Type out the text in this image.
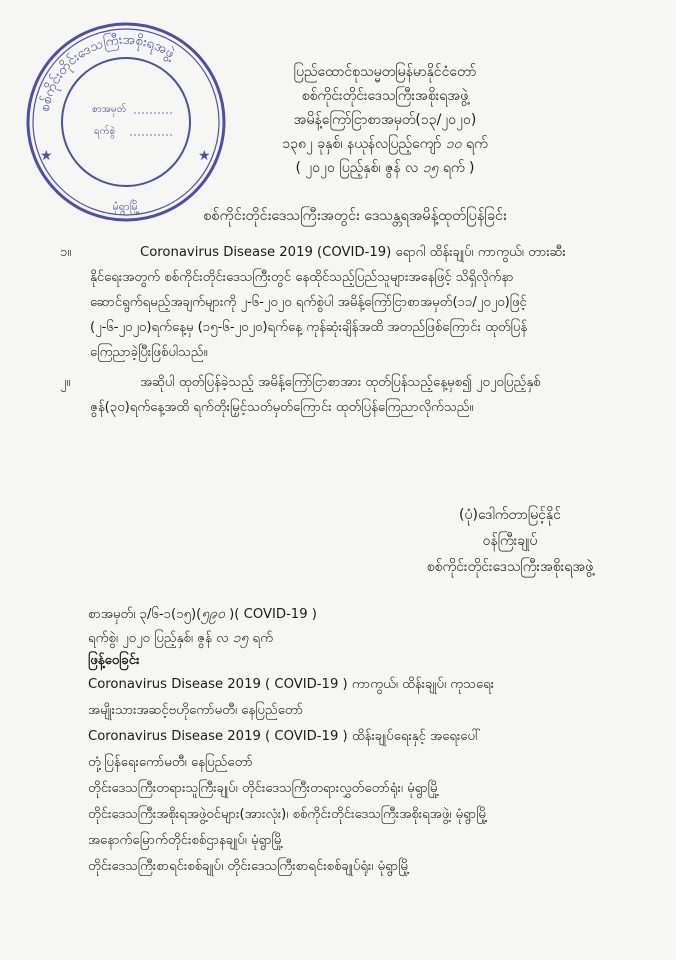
စစ်ကိုင်းတိုင်းဒေသကြီးအစိုးရအဖွဲ့
★	★
စာအမှတ်
ရက်စွဲ
မုံရွာမြို့
ပြည်ထောင်စုသမ္မတမြန်မာနိုင်ငံတော်
စစ်ကိုင်းတိုင်းဒေသကြီးအစိုးရအဖွဲ့
အမိန့်ကြော်ငြာစာအမှတ်(၁၃/၂၀၂၀)
၁၃၈၂ ခုနှစ်၊ နယုန်လပြည့်ကျော် ၁၀ ရက်
( ၂၀၂၀ ပြည့်နှစ်၊ ဇွန် လ ၁၅ ရက် )
စစ်ကိုင်းတိုင်းဒေသကြီးအတွင်း ဒေသန္တရအမိန့်ထုတ်ပြန်ခြင်း
၁။	Coronavirus Disease 2019 (COVID-19) ရောဂါ ထိန်းချုပ်၊ ကာကွယ်၊ တားဆီး
နိုင်ရေးအတွက် စစ်ကိုင်းတိုင်းဒေသကြီးတွင် နေထိုင်သည့်ပြည်သူများအနေဖြင့် သိရှိလိုက်နာ
ဆောင်ရွက်ရမည့်အချက်များကို ၂-၆-၂၀၂၀ ရက်စွဲပါ အမိန့်ကြော်ငြာစာအမှတ်(၁၁/၂၀၂၀)ဖြင့်
(၂-၆-၂၀၂၀)ရက်နေ့မှ (၁၅-၆-၂၀၂၀)ရက်နေ့ ကုန်ဆုံးချိန်အထိ အတည်ဖြစ်ကြောင်း ထုတ်ပြန်
ကြေညာခဲ့ပြီးဖြစ်ပါသည်။
၂။	အဆိုပါ ထုတ်ပြန်ခဲ့သည့် အမိန့်ကြော်ငြာစာအား ထုတ်ပြန်သည့်နေ့မှစ၍ ၂၀၂၀ပြည့်နှစ်
ဇွန်(၃၀)ရက်နေ့အထိ ရက်တိုးမြှင့်သတ်မှတ်ကြောင်း ထုတ်ပြန်ကြေညာလိုက်သည်။
(ပုံ)ဒေါက်တာမြင့်နိုင်
ဝန်ကြီးချုပ်
စစ်ကိုင်းတိုင်းဒေသကြီးအစိုးရအဖွဲ့
စာအမှတ်၊ ၃/၆-၁(၁၅)(၅၉၀ )( COVID-19 )
ရက်စွဲ၊ ၂၀၂၀ ပြည့်နှစ်၊ ဇွန် လ ၁၅ ရက်
ဖြန့်ဝေခြင်း
Coronavirus Disease 2019 ( COVID-19 ) ကာကွယ်၊ ထိန်းချုပ်၊ ကုသရေး
အမျိုးသားအဆင့်ဗဟိုကော်မတီ၊ နေပြည်တော်
Coronavirus Disease 2019 ( COVID-19 ) ထိန်းချုပ်ရေးနှင့် အရေးပေါ်
တုံ့ပြန်ရေးကော်မတီ၊ နေပြည်တော်
တိုင်းဒေသကြီးတရားသူကြီးချုပ်၊ တိုင်းဒေသကြီးတရားလွှတ်တော်ရုံး၊ မုံရွာမြို့
တိုင်းဒေသကြီးအစိုးရအဖွဲ့ဝင်များ(အားလုံး)၊ စစ်ကိုင်းတိုင်းဒေသကြီးအစိုးရအဖွဲ့၊ မုံရွာမြို့
အနောက်မြောက်တိုင်းစစ်ဌာနချုပ်၊ မုံရွာမြို့
တိုင်းဒေသကြီးစာရင်းစစ်ချုပ်၊ တိုင်းဒေသကြီးစာရင်းစစ်ချုပ်ရုံး၊ မုံရွာမြို့
